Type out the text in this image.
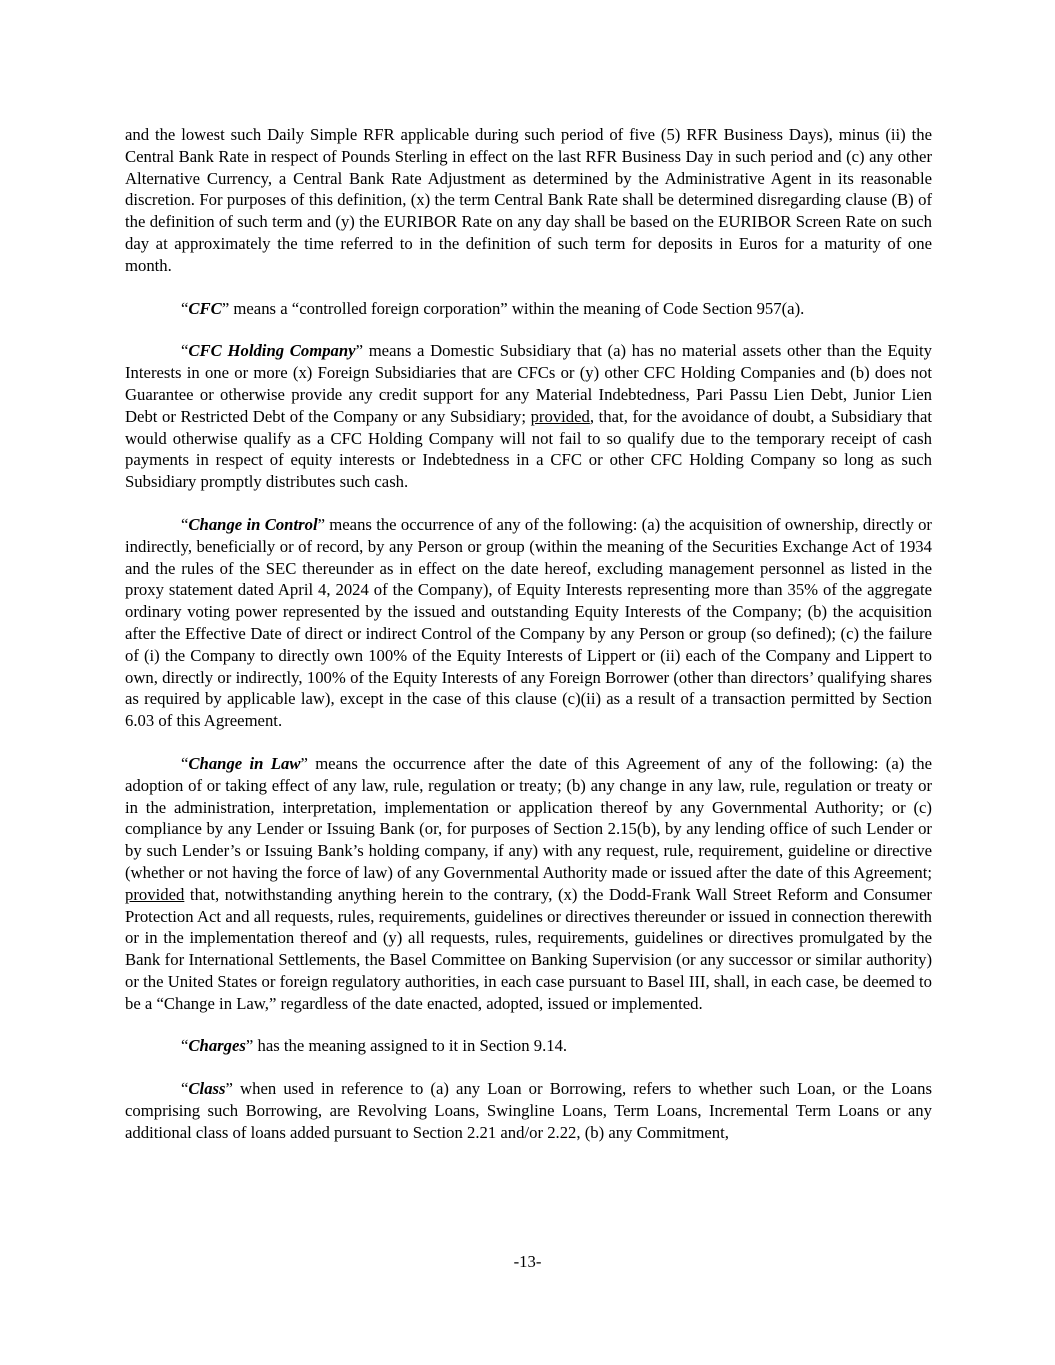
and the lowest such Daily Simple RFR applicable during such period of five (5) RFR Business Days), minus (ii) the Central Bank Rate in respect of Pounds Sterling in effect on the last RFR Business Day in such period and (c) any other Alternative Currency, a Central Bank Rate Adjustment as determined by the Administrative Agent in its reasonable discretion. For purposes of this definition, (x) the term Central Bank Rate shall be determined disregarding clause (B) of the definition of such term and (y) the EURIBOR Rate on any day shall be based on the EURIBOR Screen Rate on such day at approximately the time referred to in the definition of such term for deposits in Euros for a maturity of one month.

“CFC” means a “controlled foreign corporation” within the meaning of Code Section 957(a).

“CFC Holding Company” means a Domestic Subsidiary that (a) has no material assets other than the Equity Interests in one or more (x) Foreign Subsidiaries that are CFCs or (y) other CFC Holding Companies and (b) does not Guarantee or otherwise provide any credit support for any Material Indebtedness, Pari Passu Lien Debt, Junior Lien Debt or Restricted Debt of the Company or any Subsidiary; provided, that, for the avoidance of doubt, a Subsidiary that would otherwise qualify as a CFC Holding Company will not fail to so qualify due to the temporary receipt of cash payments in respect of equity interests or Indebtedness in a CFC or other CFC Holding Company so long as such Subsidiary promptly distributes such cash.

“Change in Control” means the occurrence of any of the following: (a) the acquisition of ownership, directly or indirectly, beneficially or of record, by any Person or group (within the meaning of the Securities Exchange Act of 1934 and the rules of the SEC thereunder as in effect on the date hereof, excluding management personnel as listed in the proxy statement dated April 4, 2024 of the Company), of Equity Interests representing more than 35% of the aggregate ordinary voting power represented by the issued and outstanding Equity Interests of the Company; (b) the acquisition after the Effective Date of direct or indirect Control of the Company by any Person or group (so defined); (c) the failure of (i) the Company to directly own 100% of the Equity Interests of Lippert or (ii) each of the Company and Lippert to own, directly or indirectly, 100% of the Equity Interests of any Foreign Borrower (other than directors’ qualifying shares as required by applicable law), except in the case of this clause (c)(ii) as a result of a transaction permitted by Section 6.03 of this Agreement.

“Change in Law” means the occurrence after the date of this Agreement of any of the following: (a) the adoption of or taking effect of any law, rule, regulation or treaty; (b) any change in any law, rule, regulation or treaty or in the administration, interpretation, implementation or application thereof by any Governmental Authority; or (c) compliance by any Lender or Issuing Bank (or, for purposes of Section 2.15(b), by any lending office of such Lender or by such Lender’s or Issuing Bank’s holding company, if any) with any request, rule, requirement, guideline or directive (whether or not having the force of law) of any Governmental Authority made or issued after the date of this Agreement; provided that, notwithstanding anything herein to the contrary, (x) the Dodd-Frank Wall Street Reform and Consumer Protection Act and all requests, rules, requirements, guidelines or directives thereunder or issued in connection therewith or in the implementation thereof and (y) all requests, rules, requirements, guidelines or directives promulgated by the Bank for International Settlements, the Basel Committee on Banking Supervision (or any successor or similar authority) or the United States or foreign regulatory authorities, in each case pursuant to Basel III, shall, in each case, be deemed to be a “Change in Law,” regardless of the date enacted, adopted, issued or implemented.

“Charges” has the meaning assigned to it in Section 9.14.

“Class” when used in reference to (a) any Loan or Borrowing, refers to whether such Loan, or the Loans comprising such Borrowing, are Revolving Loans, Swingline Loans, Term Loans, Incremental Term Loans or any additional class of loans added pursuant to Section 2.21 and/or 2.22, (b) any Commitment,

-13-
